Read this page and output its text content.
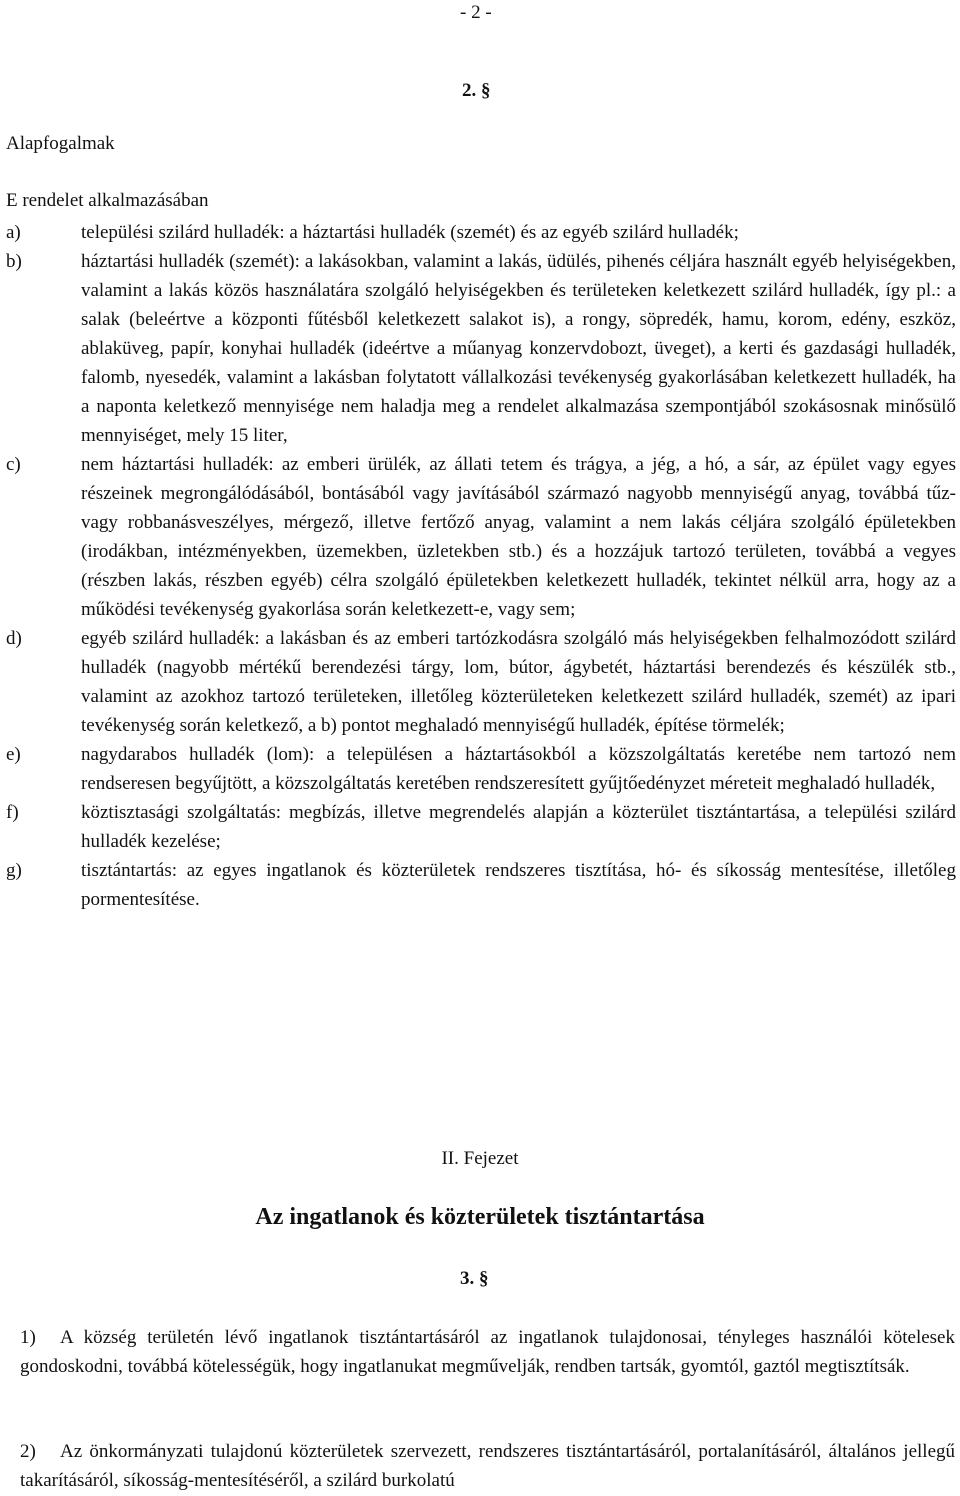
- 2 -
2. §
Alapfogalmak
E rendelet alkalmazásában
a)	települési szilárd hulladék: a háztartási hulladék (szemét) és az egyéb szilárd hulladék;
b)	háztartási hulladék (szemét): a lakásokban, valamint a lakás, üdülés, pihenés céljára használt egyéb helyiségekben, valamint a lakás közös használatára szolgáló helyiségekben és területeken keletkezett szilárd hulladék, így pl.: a salak (beleértve a központi fűtésből keletkezett salakot is), a rongy, söpredék, hamu, korom, edény, eszköz, ablaküveg, papír, konyhai hulladék (ideértve a műanyag konzervdobozt, üveget), a kerti és gazdasági hulladék, falomb, nyesedék, valamint a lakásban folytatott vállalkozási tevékenység gyakorlásában keletkezett hulladék, ha a naponta keletkező mennyisége nem haladja meg a rendelet alkalmazása szempontjából szokásosnak minősülő mennyiséget, mely 15 liter,
c)	nem háztartási hulladék: az emberi ürülék, az állati tetem és trágya, a jég, a hó, a sár, az épület vagy egyes részeinek megrongálódásából, bontásából vagy javításából származó nagyobb mennyiségű anyag, továbbá tűz- vagy robbanásveszélyes, mérgező, illetve fertőző anyag, valamint a nem lakás céljára szolgáló épületekben (irodákban, intézményekben, üzemekben, üzletekben stb.) és a hozzájuk tartozó területen, továbbá a vegyes (részben lakás, részben egyéb) célra szolgáló épületekben keletkezett hulladék, tekintet nélkül arra, hogy az a működési tevékenység gyakorlása során keletkezett-e, vagy sem;
d)	egyéb szilárd hulladék: a lakásban és az emberi tartózkodásra szolgáló más helyiségekben felhalmozódott szilárd hulladék (nagyobb mértékű berendezési tárgy, lom, bútor, ágybetét, háztartási berendezés és készülék stb., valamint az azokhoz tartozó területeken, illetőleg közterületeken keletkezett szilárd hulladék, szemét) az ipari tevékenység során keletkező, a b) pontot meghaladó mennyiségű hulladék, építése törmelék;
e)	nagydarabos hulladék (lom): a településen a háztartásokból a közszolgáltatás keretébe nem tartozó nem rendseresen begyűjtött, a közszolgáltatás keretében rendszeresített gyűjtőedényzet méreteit meghaladó hulladék,
f)	köztisztasági szolgáltatás: megbízás, illetve megrendelés alapján a közterület tisztántartása, a települési szilárd hulladék kezelése;
g)	tisztántartás: az egyes ingatlanok és közterületek rendszeres tisztítása, hó- és síkosság mentesítése, illetőleg pormentesítése.
II. Fejezet
Az ingatlanok és közterületek tisztántartása
3. §

1) A község területén lévő ingatlanok tisztántartásáról az ingatlanok tulajdonosai, tényleges használói kötelesek gondoskodni, továbbá kötelességük, hogy ingatlanukat megművelják, rendben tartsák, gyomtól, gaztól megtisztítsák.

2) Az önkormányzati tulajdonú közterületek szervezett, rendszeres tisztántartásáról, portalanításáról, általános jellegű takarításáról, síkosság-mentesítéséről, a szilárd burkolatú
